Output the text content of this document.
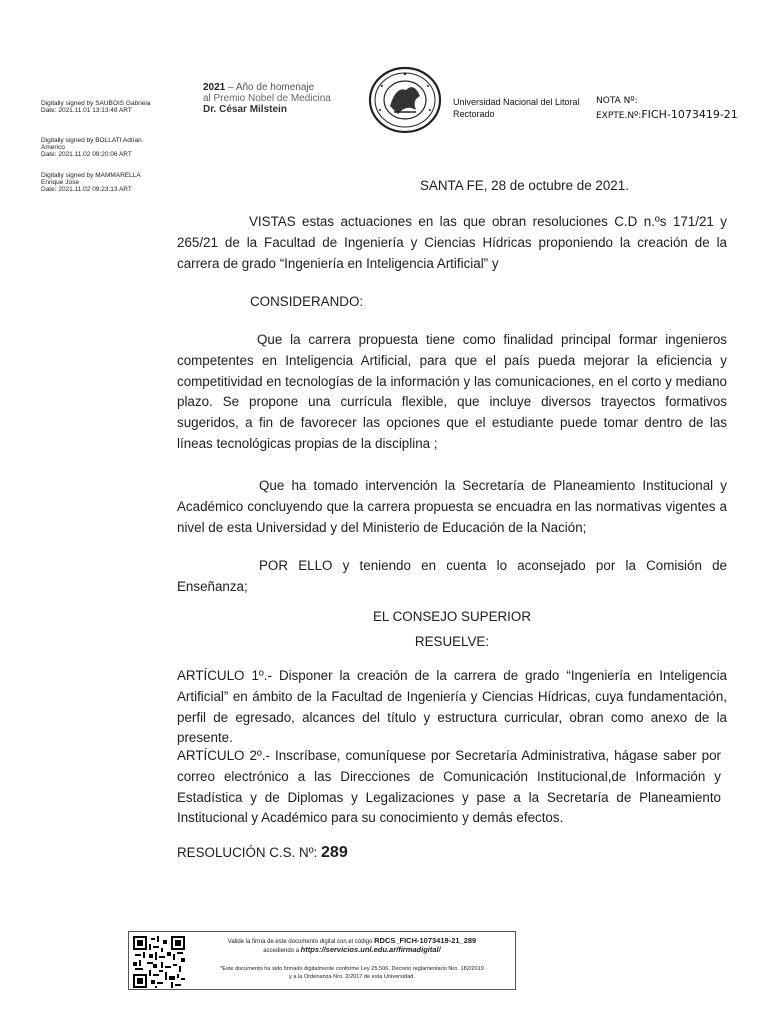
Digitally signed by SAUBOIS Gabriela
Date: 2021.11.01 13:13:49 ART
Digitally signed by BOLLATI Adrian Americo
Date: 2021.11.02 09:20:06 ART
Digitally signed by MAMMARELLA Enrique Jose
Date: 2021.11.02 09:23:13 ART
2021 – Año de homenaje
al Premio Nobel de Medicina
Dr. César Milstein
Universidad Nacional del Litoral
Rectorado
NOTA Nº:
EXPTE.Nº:FICH-1073419-21
SANTA FE, 28 de octubre de 2021.
VISTAS estas actuaciones en las que obran resoluciones C.D n.ºs 171/21 y 265/21 de la Facultad de Ingeniería y Ciencias Hídricas proponiendo la creación de la carrera de grado “Ingeniería en Inteligencia Artificial” y
CONSIDERANDO:
Que la carrera propuesta tiene como finalidad principal formar ingenieros competentes en Inteligencia Artificial, para que el país pueda mejorar la eficiencia y competitividad en tecnologías de la información y las comunicaciones, en el corto y mediano plazo. Se propone una currícula flexible, que incluye diversos trayectos formativos sugeridos, a fin de favorecer las opciones que el estudiante puede tomar dentro de las líneas tecnológicas propias de la disciplina ;
Que ha tomado intervención la Secretaría de Planeamiento Institucional y Académico concluyendo que la carrera propuesta se encuadra en las normativas vigentes a nivel de esta Universidad y del Ministerio de Educación de la Nación;
POR ELLO y teniendo en cuenta lo aconsejado por la Comisión de Enseñanza;
EL CONSEJO SUPERIOR
RESUELVE:
ARTÍCULO 1º.- Disponer la creación de la carrera de grado “Ingeniería en Inteligencia Artificial” en ámbito de la Facultad de Ingeniería y Ciencias Hídricas, cuya fundamentación, perfil de egresado, alcances del título y estructura curricular, obran como anexo de la presente.
ARTÍCULO 2º.- Inscríbase, comuníquese por Secretaría Administrativa, hágase saber por correo electrónico a las Direcciones de Comunicación Institucional,de Información y Estadística y de Diplomas y Legalizaciones y pase a la Secretaría de Planeamiento Institucional y Académico para su conocimiento y demás efectos.
RESOLUCIÓN C.S. Nº: 289
Valide la firma de este documento digital con el código RDCS_FICH-1073419-21_289
accediendo a https://servicios.unl.edu.ar/firmadigital/
*Este documento ha sido firmado digitalmente conforme Ley 25.506, Decreto reglamentario Nro. 182/2019
y a la Ordenanza Nro. 2/2017 de esta Universidad.
